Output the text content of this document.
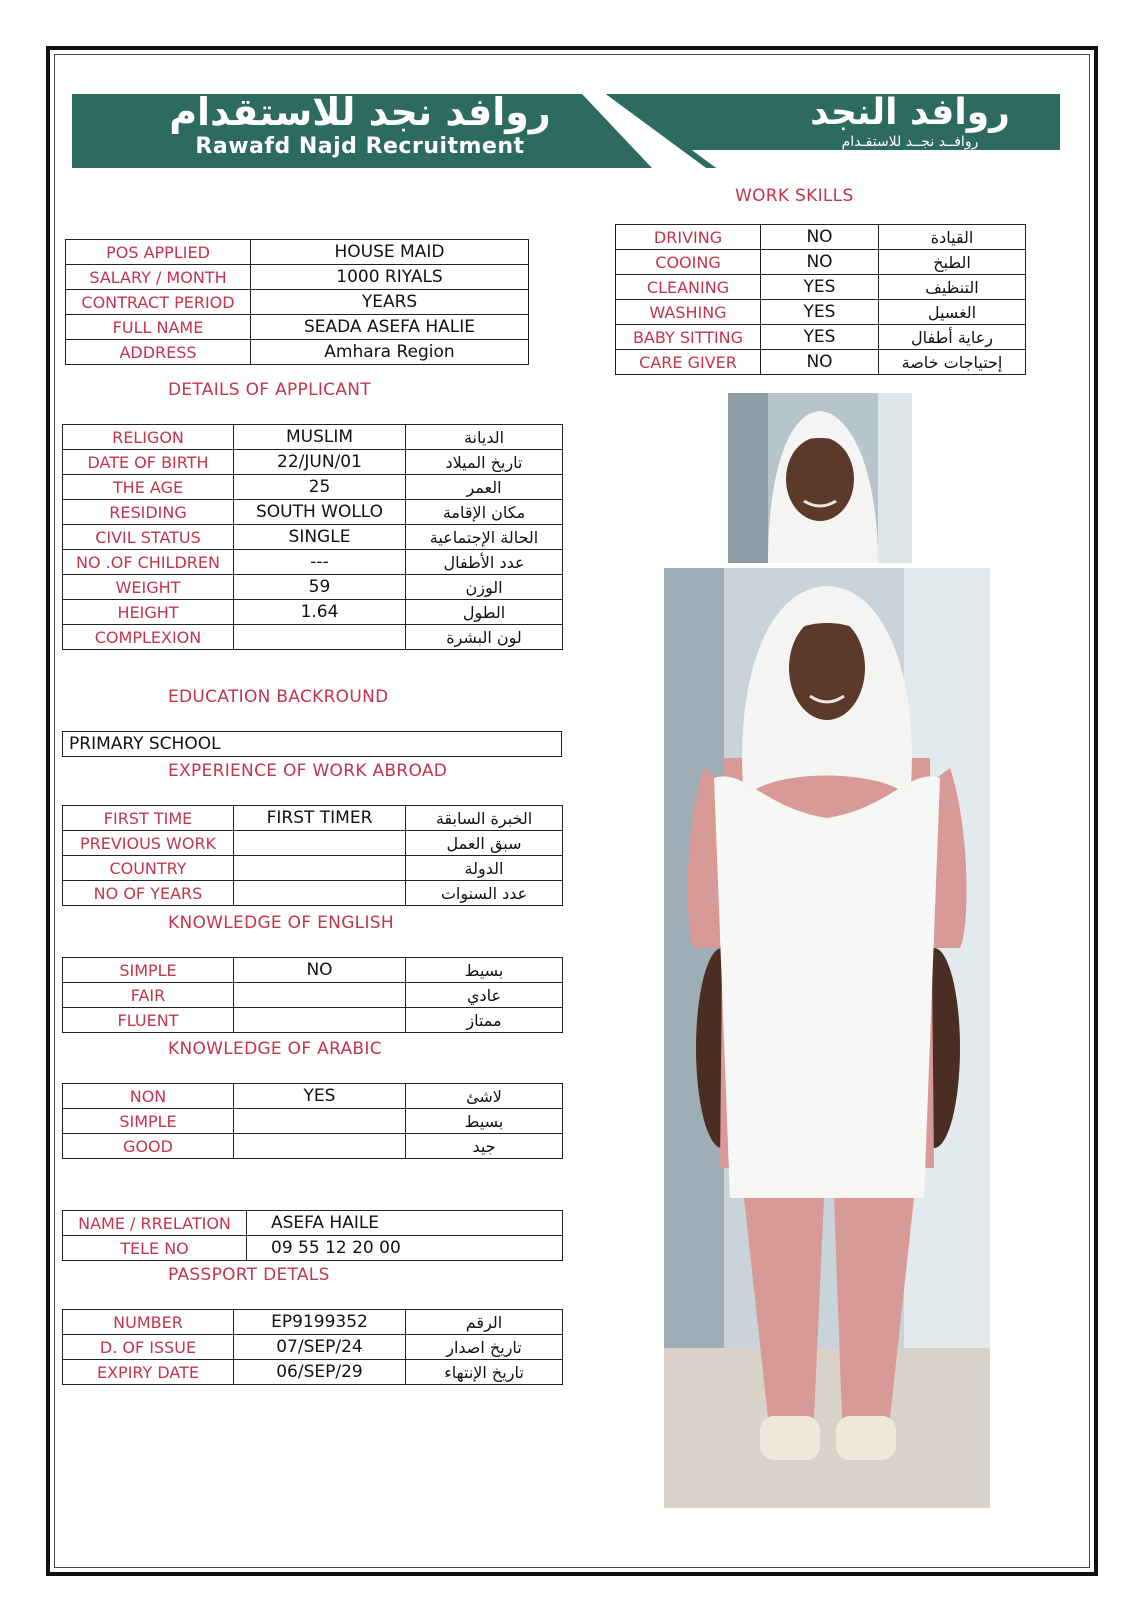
روافد نجد للاستقدام
Rawafd Najd Recruitment
روافد النجد
روافــد نجــد للاستقـدام
WORK SKILLS
DRIVING	NO	القيادة
COOING	NO	الطبخ
CLEANING	YES	التنظيف
WASHING	YES	الغسيل
BABY SITTING	YES	رعاية أطفال
CARE GIVER	NO	إحتياجات خاصة
POS APPLIED	HOUSE MAID
SALARY / MONTH	1000 RIYALS
CONTRACT PERIOD	YEARS
FULL NAME	SEADA ASEFA HALIE
ADDRESS	Amhara Region
DETAILS OF APPLICANT
RELIGON	MUSLIM	الديانة
DATE OF BIRTH	22/JUN/01	تاريخ الميلاد
THE AGE	25	العمر
RESIDING	SOUTH WOLLO	مكان الإقامة
CIVIL STATUS	SINGLE	الحالة الإجتماعية
NO .OF CHILDREN	---	عدد الأطفال
WEIGHT	59	الوزن
HEIGHT	1.64	الطول
COMPLEXION		لون البشرة
EDUCATION BACKROUND
PRIMARY SCHOOL
EXPERIENCE OF WORK ABROAD
FIRST TIME	FIRST TIMER	الخبرة السابقة
PREVIOUS WORK		سبق العمل
COUNTRY		الدولة
NO OF YEARS		عدد السنوات
KNOWLEDGE OF ENGLISH
SIMPLE	NO	بسيط
FAIR		عادي
FLUENT		ممتاز
KNOWLEDGE OF ARABIC
NON	YES	لاشئ
SIMPLE		بسيط
GOOD		جيد
NAME / RRELATION	ASEFA HAILE
TELE NO	09 55 12 20 00
PASSPORT DETALS
NUMBER	EP9199352	الرقم
D. OF ISSUE	07/SEP/24	تاريخ اصدار
EXPIRY DATE	06/SEP/29	تاريخ الإنتهاء
